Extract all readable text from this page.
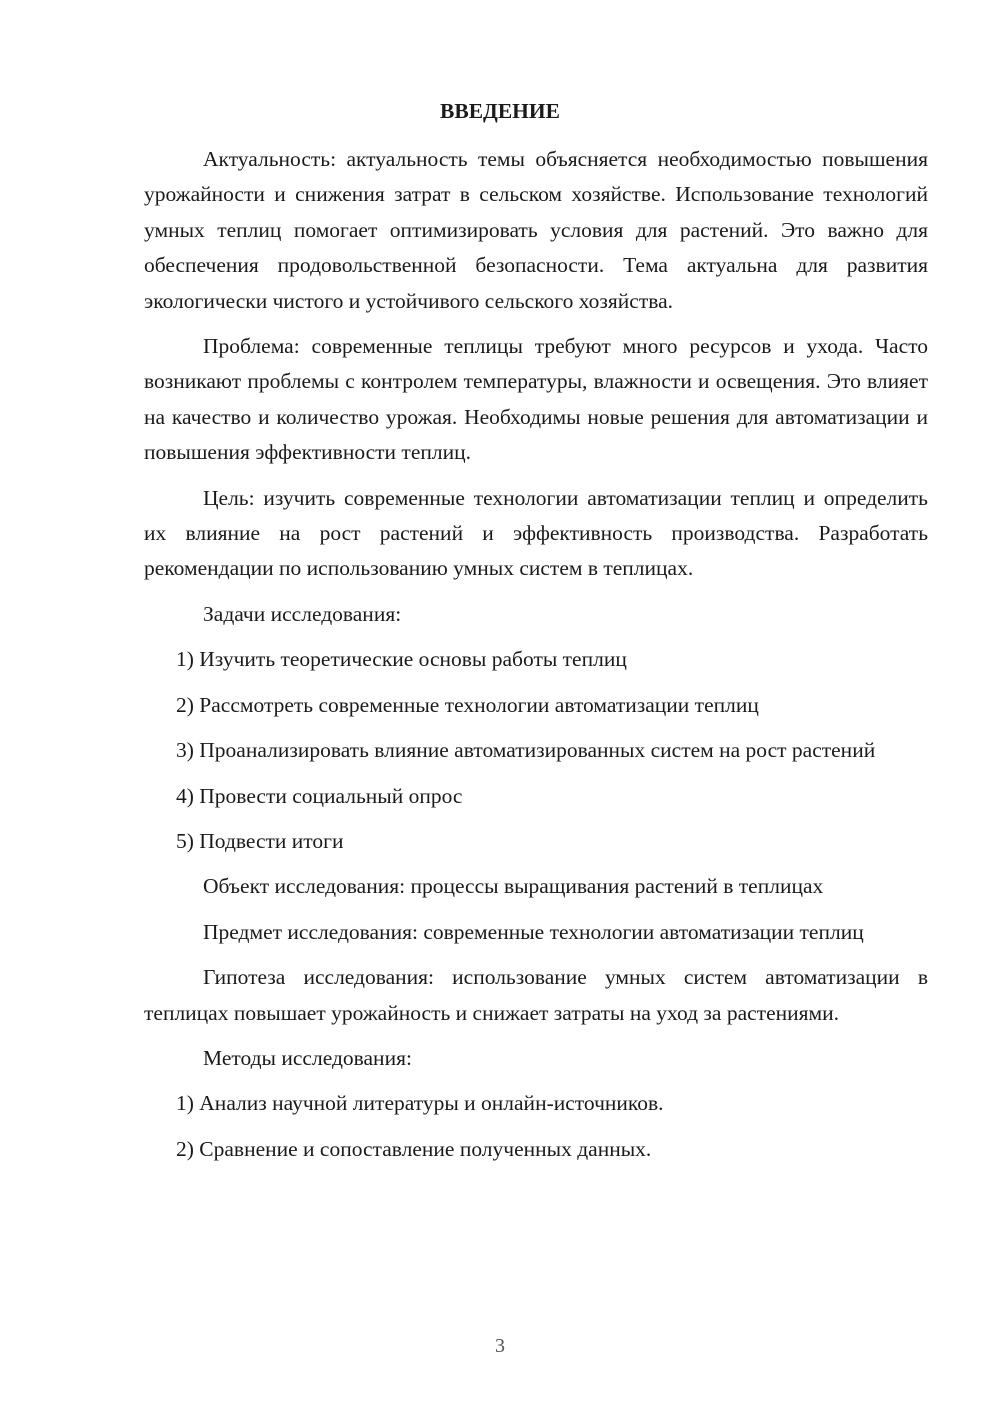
ВВЕДЕНИЕ

Актуальность: актуальность темы объясняется необходимостью повышения урожайности и снижения затрат в сельском хозяйстве. Использование технологий умных теплиц помогает оптимизировать условия для растений. Это важно для обеспечения продовольственной безопасности. Тема актуальна для развития экологически чистого и устойчивого сельского хозяйства.

Проблема: современные теплицы требуют много ресурсов и ухода. Часто возникают проблемы с контролем температуры, влажности и освещения. Это влияет на качество и количество урожая. Необходимы новые решения для автоматизации и повышения эффективности теплиц.

Цель: изучить современные технологии автоматизации теплиц и определить их влияние на рост растений и эффективность производства. Разработать рекомендации по использованию умных систем в теплицах.

Задачи исследования:

1) Изучить теоретические основы работы теплиц

2) Рассмотреть современные технологии автоматизации теплиц

3) Проанализировать влияние автоматизированных систем на рост растений

4) Провести социальный опрос

5) Подвести итоги

Объект исследования: процессы выращивания растений в теплицах

Предмет исследования: современные технологии автоматизации теплиц

Гипотеза исследования: использование умных систем автоматизации в теплицах повышает урожайность и снижает затраты на уход за растениями.

Методы исследования:

1) Анализ научной литературы и онлайн-источников.

2) Сравнение и сопоставление полученных данных.

3
